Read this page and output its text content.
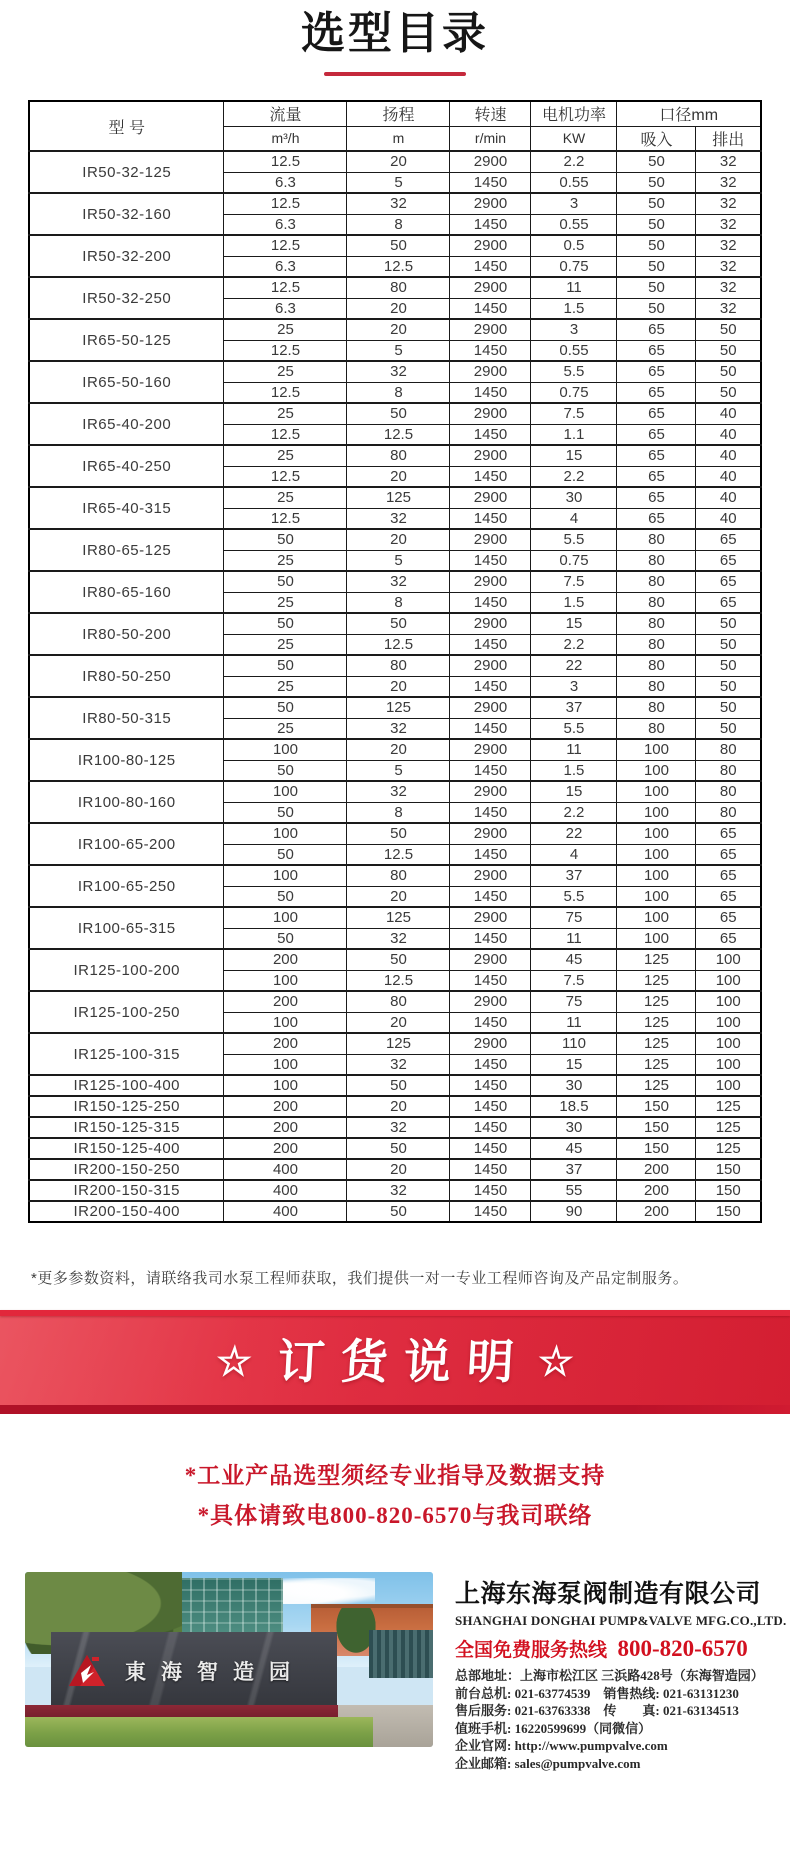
选型目录
型 号	流量	扬程	转速	电机功率	口径mm	
	m³/h	m	r/min	KW	吸入	排出
IR50-32-125	12.5	20	2900	2.2	50	32
	6.3	5	1450	0.55	50	32
IR50-32-160	12.5	32	2900	3	50	32
	6.3	8	1450	0.55	50	32
IR50-32-200	12.5	50	2900	0.5	50	32
	6.3	12.5	1450	0.75	50	32
IR50-32-250	12.5	80	2900	11	50	32
	6.3	20	1450	1.5	50	32
IR65-50-125	25	20	2900	3	65	50
	12.5	5	1450	0.55	65	50
IR65-50-160	25	32	2900	5.5	65	50
	12.5	8	1450	0.75	65	50
IR65-40-200	25	50	2900	7.5	65	40
	12.5	12.5	1450	1.1	65	40
IR65-40-250	25	80	2900	15	65	40
	12.5	20	1450	2.2	65	40
IR65-40-315	25	125	2900	30	65	40
	12.5	32	1450	4	65	40
IR80-65-125	50	20	2900	5.5	80	65
	25	5	1450	0.75	80	65
IR80-65-160	50	32	2900	7.5	80	65
	25	8	1450	1.5	80	65
IR80-50-200	50	50	2900	15	80	50
	25	12.5	1450	2.2	80	50
IR80-50-250	50	80	2900	22	80	50
	25	20	1450	3	80	50
IR80-50-315	50	125	2900	37	80	50
	25	32	1450	5.5	80	50
IR100-80-125	100	20	2900	11	100	80
	50	5	1450	1.5	100	80
IR100-80-160	100	32	2900	15	100	80
	50	8	1450	2.2	100	80
IR100-65-200	100	50	2900	22	100	65
	50	12.5	1450	4	100	65
IR100-65-250	100	80	2900	37	100	65
	50	20	1450	5.5	100	65
IR100-65-315	100	125	2900	75	100	65
	50	32	1450	11	100	65
IR125-100-200	200	50	2900	45	125	100
	100	12.5	1450	7.5	125	100
IR125-100-250	200	80	2900	75	125	100
	100	20	1450	11	125	100
IR125-100-315	200	125	2900	110	125	100
	100	32	1450	15	125	100
IR125-100-400	100	50	1450	30	125	100
IR150-125-250	200	20	1450	18.5	150	125
IR150-125-315	200	32	1450	30	150	125
IR150-125-400	200	50	1450	45	150	125
IR200-150-250	400	20	1450	37	200	150
IR200-150-315	400	32	1450	55	200	150
IR200-150-400	400	50	1450	90	200	150
*更多参数资料，请联络我司水泵工程师获取，我们提供一对一专业工程师咨询及产品定制服务。
☆ 订货说明 ☆
*工业产品选型须经专业指导及数据支持
*具体请致电800-820-6570与我司联络
東海智造园
上海东海泵阀制造有限公司
SHANGHAI DONGHAI PUMP&VALVE MFG.CO.,LTD.
全国免费服务热线 800-820-6570
总部地址：上海市松江区 三浜路428号（东海智造园）
前台总机: 021-63774539　销售热线: 021-63131230
售后服务: 021-63763338　传　　真: 021-63134513
值班手机: 16220599699（同微信）
企业官网: http://www.pumpvalve.com
企业邮箱: sales@pumpvalve.com
